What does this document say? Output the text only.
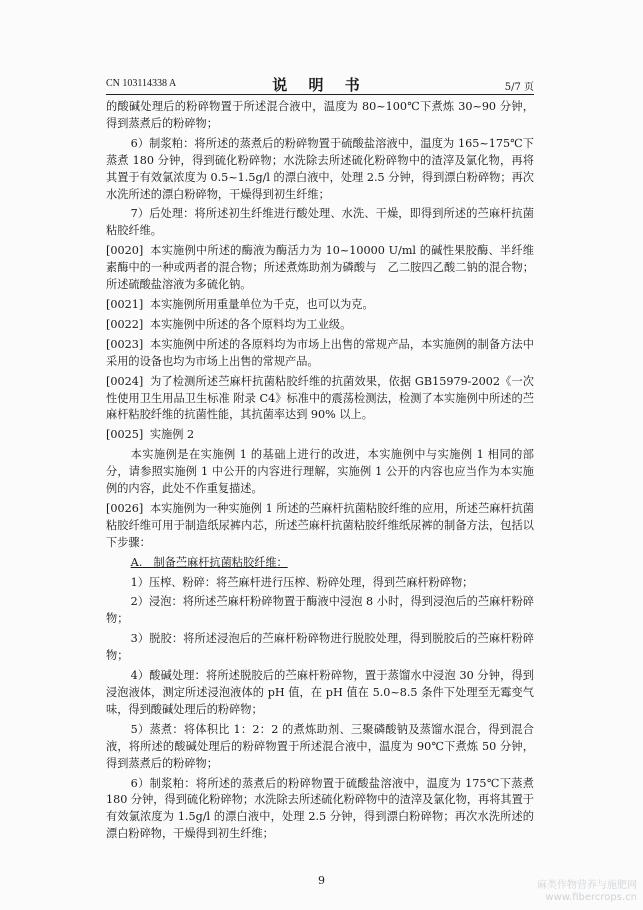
CN 103114338 A	说 明 书	5/7 页

的酸碱处理后的粉碎物置于所述混合液中，温度为 80~100℃下煮炼 30~90 分钟，得到蒸煮后的粉碎物；

6）制浆粕：将所述的蒸煮后的粉碎物置于硫酸盐溶液中，温度为 165~175℃下蒸煮 180 分钟，得到硫化粉碎物；水洗除去所述硫化粉碎物中的渣滓及氯化物，再将其置于有效氯浓度为 0.5~1.5g/l 的漂白液中，处理 2.5 分钟，得到漂白粉碎物；再次水洗所述的漂白粉碎物，干燥得到初生纤维；

7）后处理：将所述初生纤维进行酸处理、水洗、干燥，即得到所述的苎麻杆抗菌粘胶纤维。

[0020] 本实施例中所述的酶液为酶活力为 10~10000 U/ml 的碱性果胶酶、半纤维素酶中的一种或两者的混合物；所述煮炼助剂为磷酸与　乙二胺四乙酸二钠的混合物；所述硫酸盐溶液为多硫化钠。

[0021] 本实施例所用重量单位为千克，也可以为克。

[0022] 本实施例中所述的各个原料均为工业级。

[0023] 本实施例中所述的各原料均为市场上出售的常规产品，本实施例的制备方法中采用的设备也均为市场上出售的常规产品。

[0024] 为了检测所述苎麻杆抗菌粘胶纤维的抗菌效果，依据 GB15979-2002《一次性使用卫生用品卫生标准 附录 C4》标准中的震荡检测法，检测了本实施例中所述的苎麻杆粘胶纤维的抗菌性能，其抗菌率达到 90% 以上。

[0025] 实施例 2

本实施例是在实施例 1 的基础上进行的改进，本实施例中与实施例 1 相同的部分，请参照实施例 1 中公开的内容进行理解，实施例 1 公开的内容也应当作为本实施例的内容，此处不作重复描述。

[0026] 本实施例为一种实施例 1 所述的苎麻杆抗菌粘胶纤维的应用，所述苎麻杆抗菌粘胶纤维可用于制造纸尿裤内芯，所述苎麻杆抗菌粘胶纤维纸尿裤的制备方法，包括以下步骤：

A.　制备苎麻杆抗菌粘胶纤维：

1）压榨、粉碎：将苎麻杆进行压榨、粉碎处理，得到苎麻杆粉碎物；

2）浸泡：将所述苎麻杆粉碎物置于酶液中浸泡 8 小时，得到浸泡后的苎麻杆粉碎物；

3）脱胶：将所述浸泡后的苎麻杆粉碎物进行脱胶处理，得到脱胶后的苎麻杆粉碎物；

4）酸碱处理：将所述脱胶后的苎麻杆粉碎物，置于蒸馏水中浸泡 30 分钟，得到浸泡液体，测定所述浸泡液体的 pH 值，在 pH 值在 5.0~8.5 条件下处理至无霉变气味，得到酸碱处理后的粉碎物；

5）蒸煮：将体积比 1：2：2 的煮炼助剂、三聚磷酸钠及蒸馏水混合，得到混合液，将所述的酸碱处理后的粉碎物置于所述混合液中，温度为 90℃下煮炼 50 分钟，得到蒸煮后的粉碎物；

6）制浆粕：将所述的蒸煮后的粉碎物置于硫酸盐溶液中，温度为 175℃下蒸煮 180 分钟，得到硫化粉碎物；水洗除去所述硫化粉碎物中的渣滓及氯化物，再将其置于有效氯浓度为 1.5g/l 的漂白液中，处理 2.5 分钟，得到漂白粉碎物；再次水洗所述的漂白粉碎物，干燥得到初生纤维；

9	麻类作物营养与施肥网
www.fibercrops.cn
